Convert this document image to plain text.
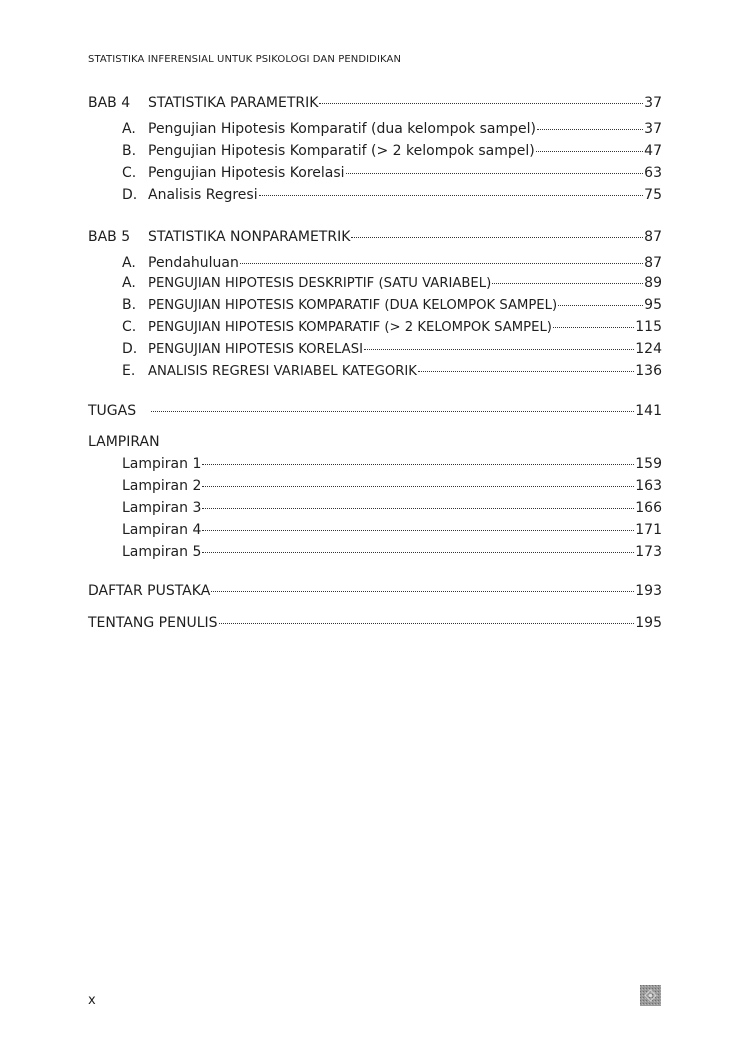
STATISTIKA INFERENSIAL UNTUK PSIKOLOGI DAN PENDIDIKAN
BAB 4	STATISTIKA PARAMETRIK	37
A. Pengujian Hipotesis Komparatif (dua kelompok sampel)	37
B. Pengujian Hipotesis Komparatif (> 2 kelompok sampel)	47
C. Pengujian Hipotesis Korelasi	63
D. Analisis Regresi	75
BAB 5	STATISTIKA NONPARAMETRIK	87
A. Pendahuluan	87
A. PENGUJIAN HIPOTESIS DESKRIPTIF (SATU VARIABEL)	89
B. PENGUJIAN HIPOTESIS KOMPARATIF (DUA KELOMPOK SAMPEL)	95
C. PENGUJIAN HIPOTESIS KOMPARATIF (> 2 KELOMPOK SAMPEL)	115
D. PENGUJIAN HIPOTESIS KORELASI	124
E. ANALISIS REGRESI VARIABEL KATEGORIK	136
TUGAS	141
LAMPIRAN
Lampiran 1	159
Lampiran 2	163
Lampiran 3	166
Lampiran 4	171
Lampiran 5	173
DAFTAR PUSTAKA	193
TENTANG PENULIS	195
x
